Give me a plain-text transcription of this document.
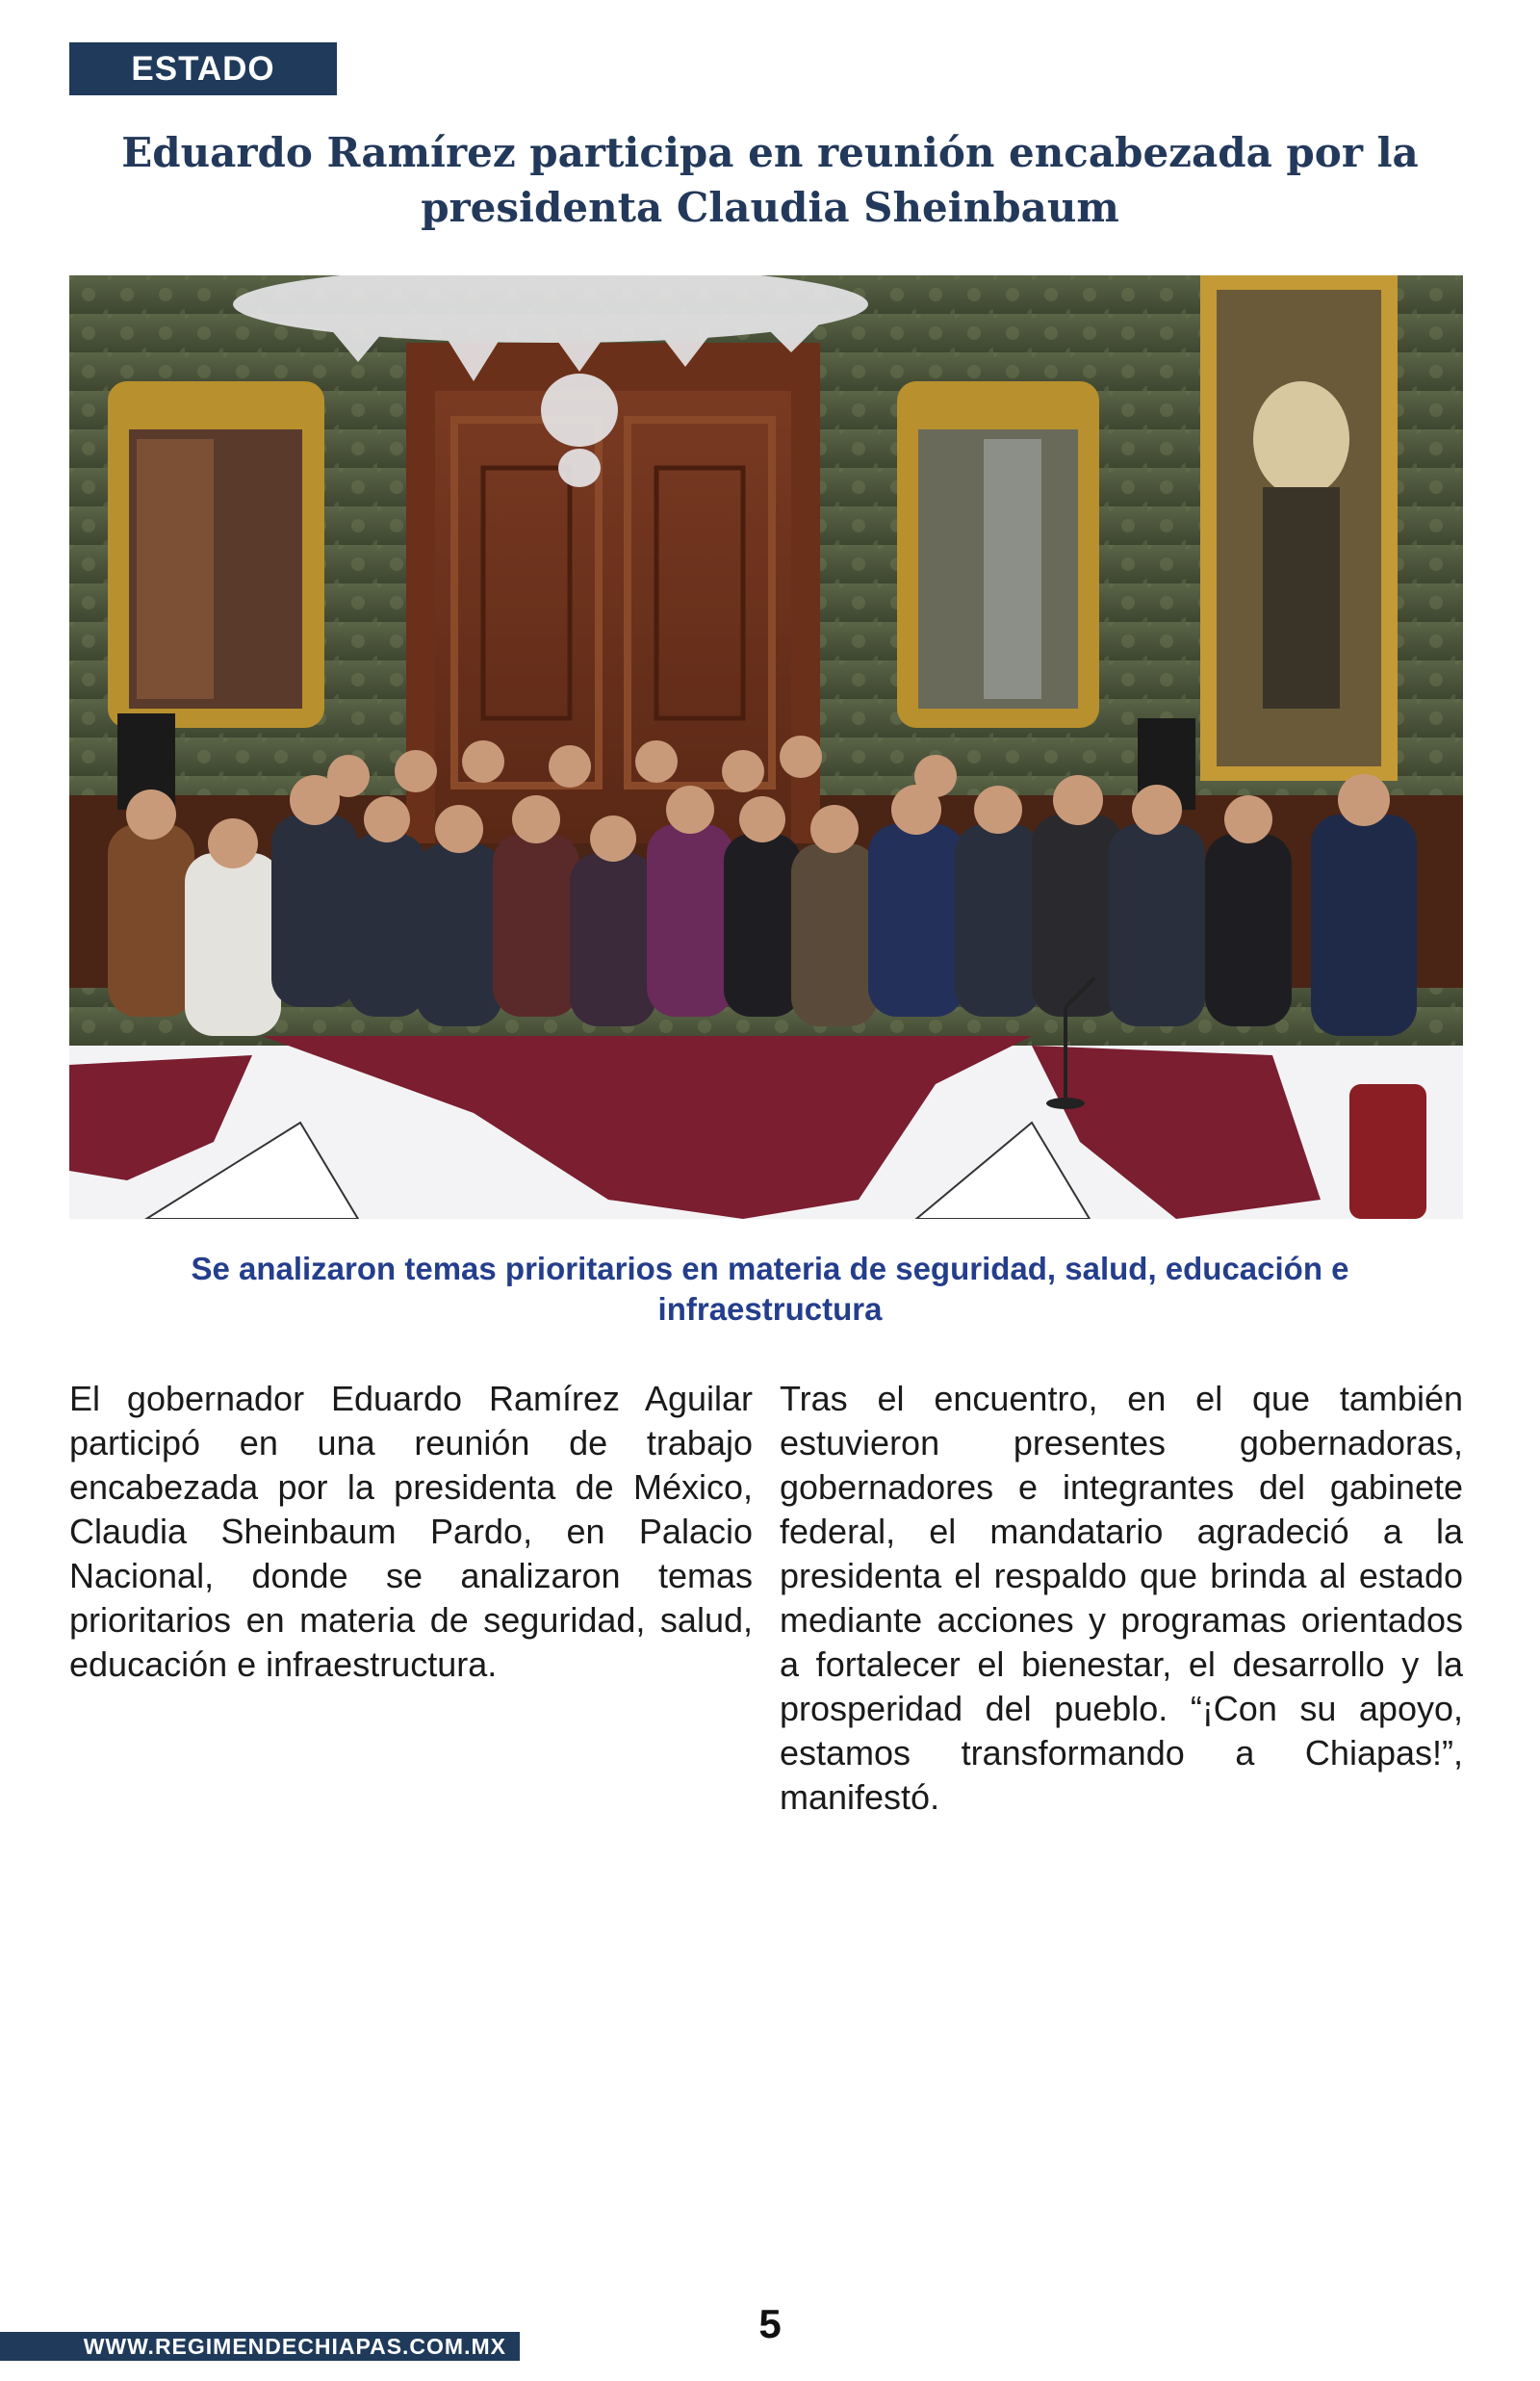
ESTADO
Eduardo Ramírez participa en reunión encabezada por la presidenta Claudia Sheinbaum

Se analizaron temas prioritarios en materia de seguridad, salud, educación e infraestructura

El gobernador Eduardo Ramírez Aguilar participó en una reunión de trabajo encabezada por la presidenta de México, Claudia Sheinbaum Pardo, en Palacio Nacional, donde se analizaron temas prioritarios en materia de seguridad, salud, educación e infraestructura.

Tras el encuentro, en el que también estuvieron presentes gobernadoras, gobernadores e integrantes del gabinete federal, el mandatario agradeció a la presidenta el respaldo que brinda al estado mediante acciones y programas orientados a fortalecer el bienestar, el desarrollo y la prosperidad del pueblo. “¡Con su apoyo, estamos transformando a Chiapas!”, manifestó.

WWW.REGIMENDECHIAPAS.COM.MX	5
